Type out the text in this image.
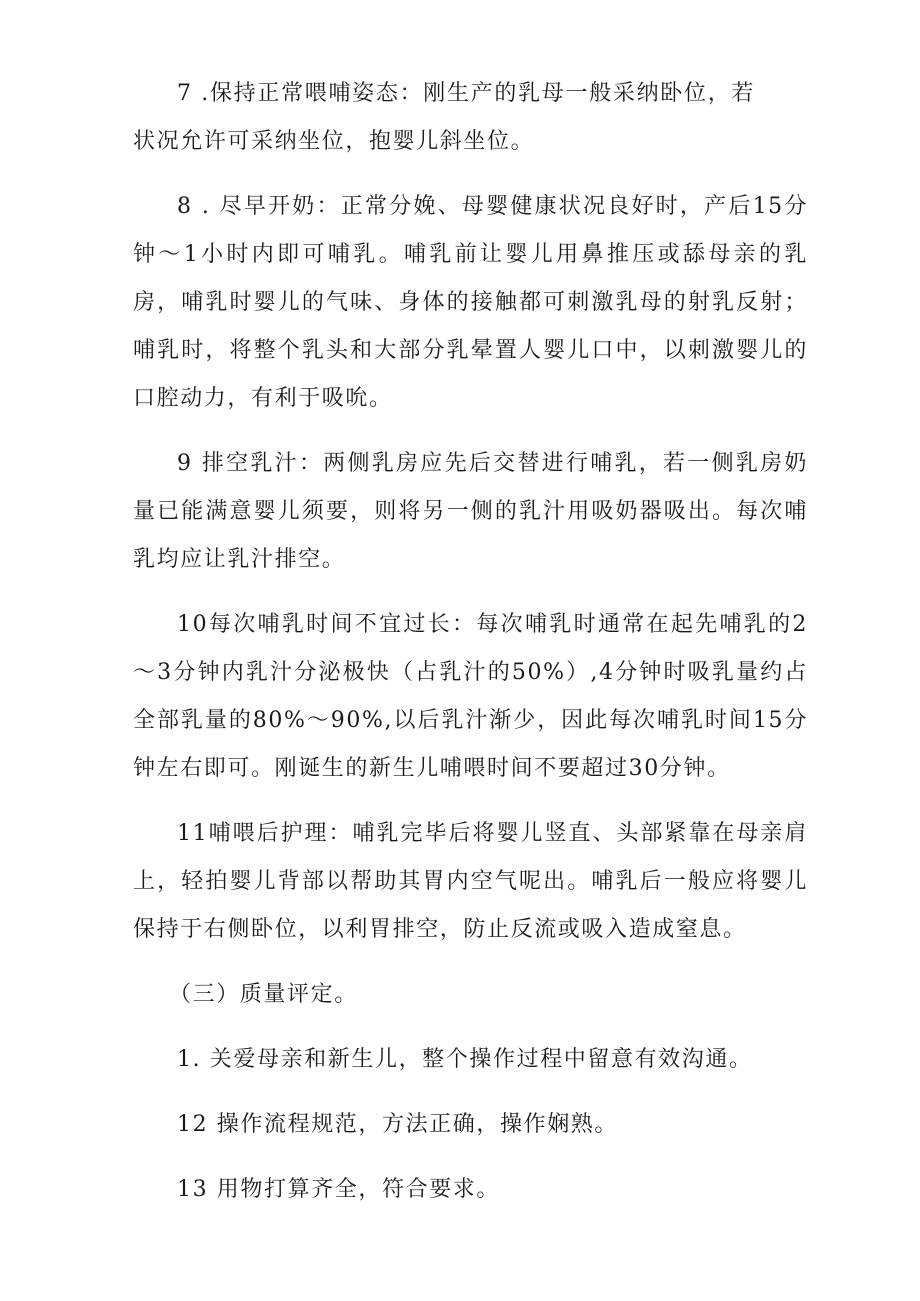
7 .保持正常喂哺姿态：刚生产的乳母一般采纳卧位，若状况允许可采纳坐位，抱婴儿斜坐位。

8 . 尽早开奶：正常分娩、母婴健康状况良好时，产后15分钟～1小时内即可哺乳。哺乳前让婴儿用鼻推压或舔母亲的乳房，哺乳时婴儿的气味、身体的接触都可刺激乳母的射乳反射；哺乳时，将整个乳头和大部分乳晕置人婴儿口中，以刺激婴儿的口腔动力，有利于吸吮。

9 排空乳汁：两侧乳房应先后交替进行哺乳，若一侧乳房奶量已能满意婴儿须要，则将另一侧的乳汁用吸奶器吸出。每次哺乳均应让乳汁排空。

10每次哺乳时间不宜过长：每次哺乳时通常在起先哺乳的2～3分钟内乳汁分泌极快（占乳汁的50%）,4分钟时吸乳量约占全部乳量的80%～90%,以后乳汁渐少，因此每次哺乳时间15分钟左右即可。刚诞生的新生儿哺喂时间不要超过30分钟。

11哺喂后护理：哺乳完毕后将婴儿竖直、头部紧靠在母亲肩上，轻拍婴儿背部以帮助其胃内空气呢出。哺乳后一般应将婴儿保持于右侧卧位，以利胃排空，防止反流或吸入造成窒息。

（三）质量评定。

1. 关爱母亲和新生儿，整个操作过程中留意有效沟通。

12 操作流程规范，方法正确，操作娴熟。

13 用物打算齐全，符合要求。
